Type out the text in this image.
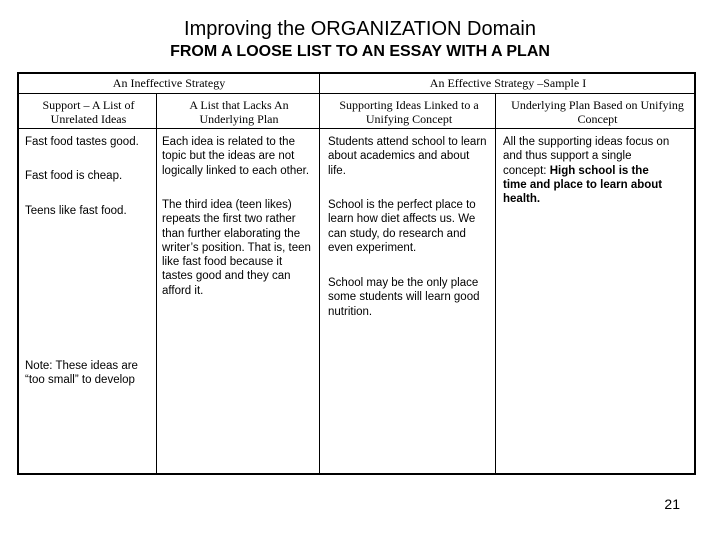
Improving the ORGANIZATION Domain
FROM A LOOSE LIST TO AN ESSAY WITH A PLAN
An Ineffective Strategy	An Effective Strategy –Sample I
Support – A List of Unrelated Ideas
A List that Lacks An Underlying Plan
Supporting Ideas Linked to a Unifying Concept
Underlying Plan Based on Unifying Concept
Fast food tastes good.
Fast food is cheap.
Teens like fast food.
Note: These ideas are “too small” to develop
Each idea is related to the topic but the ideas are not logically linked to each other.
The third idea (teen likes) repeats the first two rather than further elaborating the writer’s position. That is, teen like fast food because it tastes good and they can afford it.
Students attend school to learn about academics and about life.
School is the perfect place to learn how diet affects us. We can study, do research and even experiment.
School may be the only place some students will learn good nutrition.
All the supporting ideas focus on and thus support a single concept: High school is the time and place to learn about health.
21
